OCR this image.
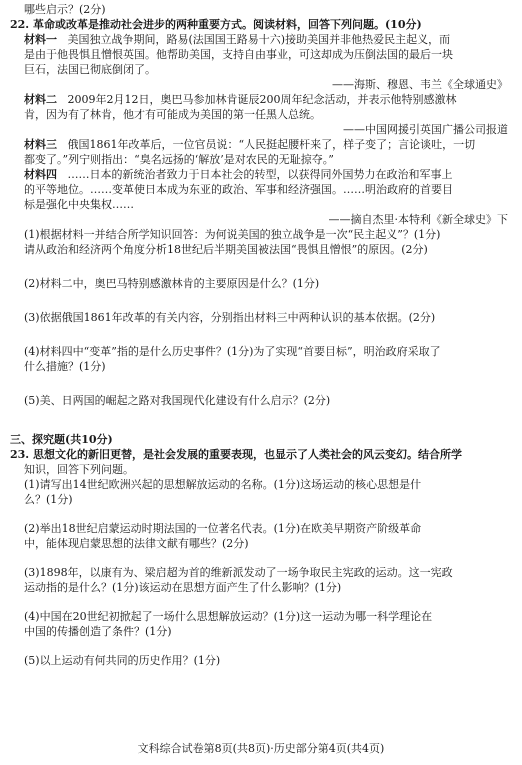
哪些启示？(2分)

22. 革命或改革是推动社会进步的两种重要方式。阅读材料，回答下列问题。(10分)

材料一 美国独立战争期间，路易(法国国王路易十六)接助美国并非他热爱民主起义，而

是由于他畏惧且憎恨英国。他帮助美国，支持自由事业，可这却成为压倒法国的最后一块

巨石，法国已彻底倒闭了。

——海斯、穆恩、韦兰《全球通史》

材料二 2009年2月12日，奥巴马参加林肯诞辰200周年纪念活动，并表示他特别感激林

肯，因为有了林肯，他才有可能成为美国的第一任黑人总统。

——中国网援引英国广播公司报道

材料三 俄国1861年改革后，一位官员说：“人民挺起腰杆来了，样子变了；言论谈吐，一切

都变了。”列宁则指出：“臭名远扬的‘解放’是对农民的无耻掠夺。”

材料四 ……日本的新统治者致力于日本社会的转型，以获得同外国势力在政治和军事上

的平等地位。……变革使日本成为东亚的政治、军事和经济强国。……明治政府的首要目

标是强化中央集权……

——摘自杰里·本特利《新全球史》下

(1)根据材料一并结合所学知识回答：为何说美国的独立战争是一次“民主起义”？(1分)

请从政治和经济两个角度分析18世纪后半期美国被法国“畏惧且憎恨”的原因。(2分)

(2)材料二中，奥巴马特别感激林肯的主要原因是什么？(1分)

(3)依据俄国1861年改革的有关内容，分别指出材料三中两种认识的基本依据。(2分)

(4)材料四中“变革”指的是什么历史事件？(1分)为了实现“首要目标”，明治政府采取了

什么措施？(1分)

(5)美、日两国的崛起之路对我国现代化建设有什么启示？(2分)

三、探究题(共10分)

23. 思想文化的新旧更替，是社会发展的重要表现，也显示了人类社会的风云变幻。结合所学

知识，回答下列问题。

(1)请写出14世纪欧洲兴起的思想解放运动的名称。(1分)这场运动的核心思想是什

么？(1分)

(2)举出18世纪启蒙运动时期法国的一位著名代表。(1分)在欧美早期资产阶级革命

中，能体现启蒙思想的法律文献有哪些？(2分)

(3)1898年，以康有为、梁启超为首的维新派发动了一场争取民主宪政的运动。这一宪政

运动指的是什么？(1分)该运动在思想方面产生了什么影响？(1分)

(4)中国在20世纪初掀起了一场什么思想解放运动？(1分)这一运动为哪一科学理论在

中国的传播创造了条件？(1分)

(5)以上运动有何共同的历史作用？(1分)

文科综合试卷第8页(共8页)·历史部分第4页(共4页)
